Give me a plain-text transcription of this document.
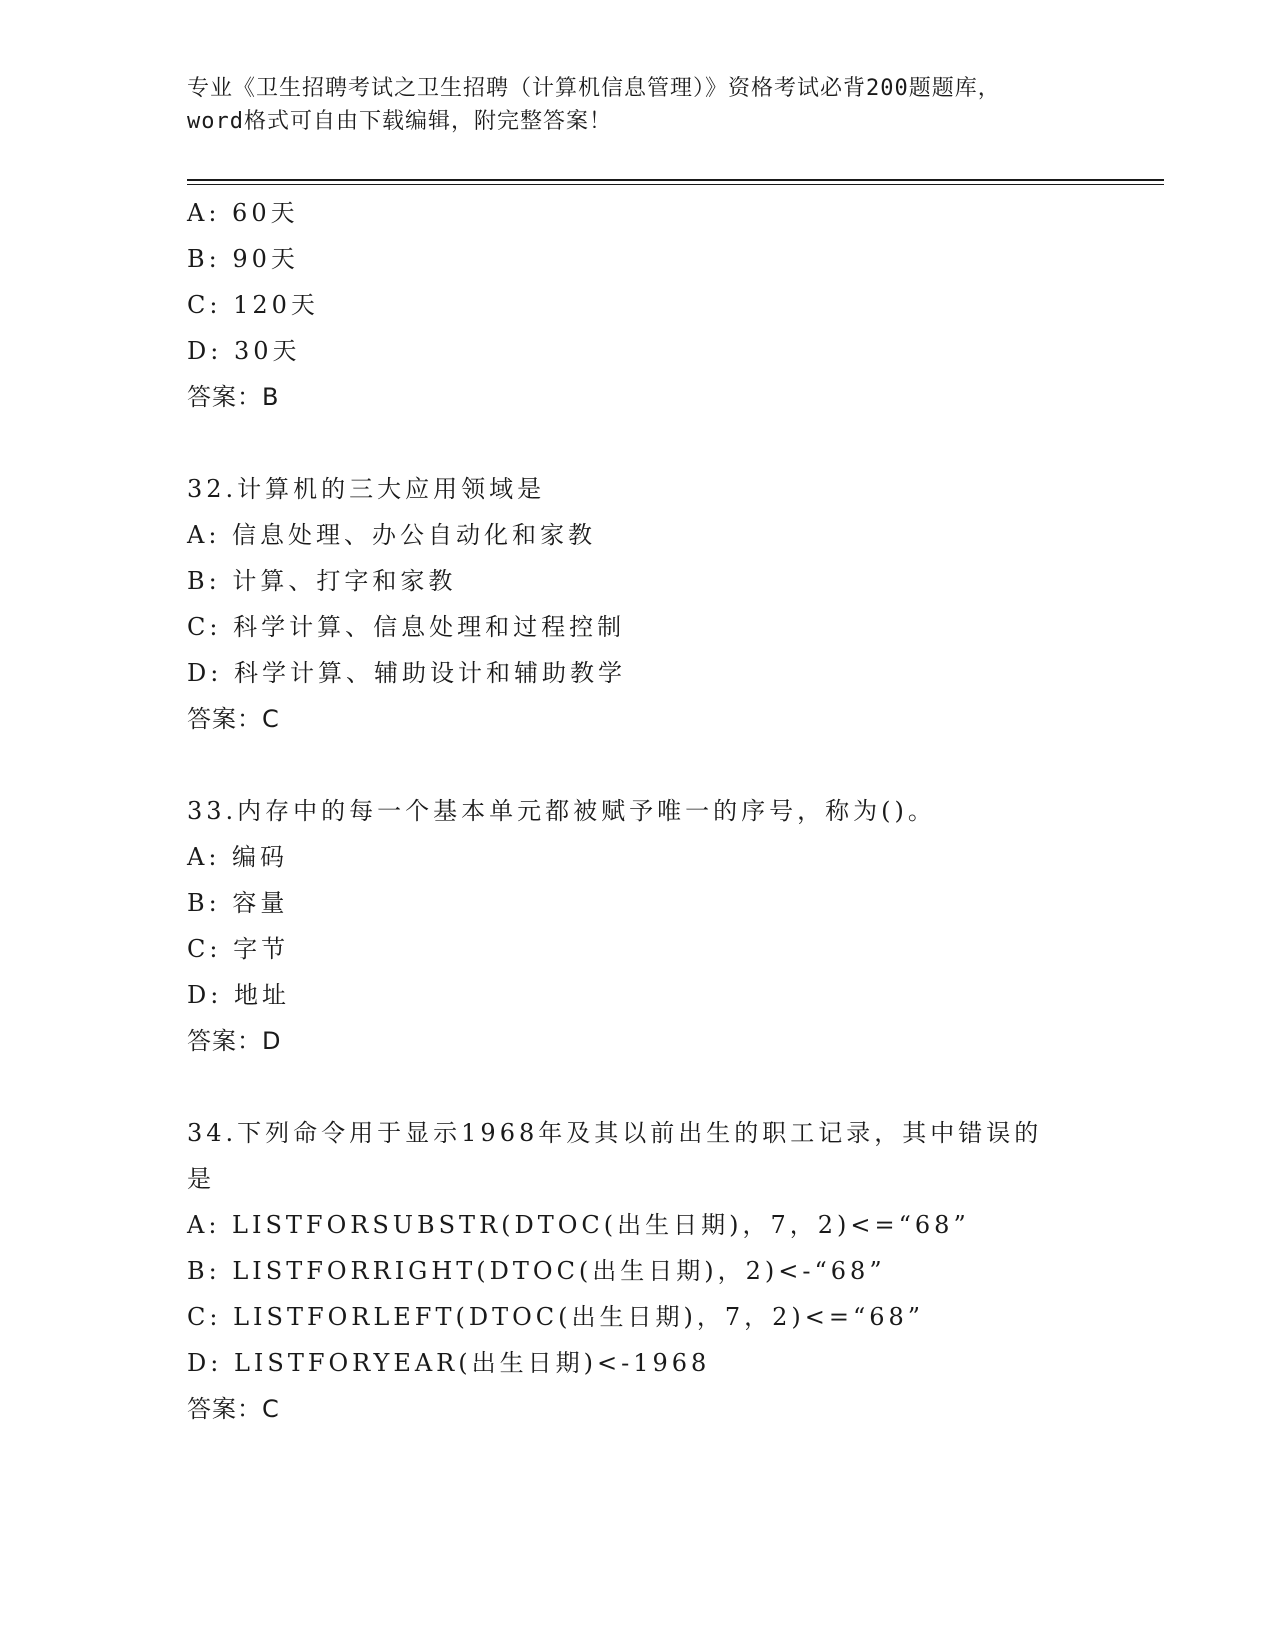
专业《卫生招聘考试之卫生招聘（计算机信息管理）》资格考试必背200题题库，
word格式可自由下载编辑，附完整答案！
A: 60天
B: 90天
C: 120天
D: 30天
答案：B
32.计算机的三大应用领域是
A: 信息处理、办公自动化和家教
B: 计算、打字和家教
C: 科学计算、信息处理和过程控制
D: 科学计算、辅助设计和辅助教学
答案：C
33.内存中的每一个基本单元都被赋予唯一的序号，称为()。
A: 编码
B: 容量
C: 字节
D: 地址
答案：D
34.下列命令用于显示1968年及其以前出生的职工记录，其中错误的
是
A: LISTFORSUBSTR(DTOC(出生日期)，7，2)<=“68”
B: LISTFORRIGHT(DTOC(出生日期)，2)<-“68”
C: LISTFORLEFT(DTOC(出生日期)，7，2)<=“68”
D: LISTFORYEAR(出生日期)<-1968
答案：C
